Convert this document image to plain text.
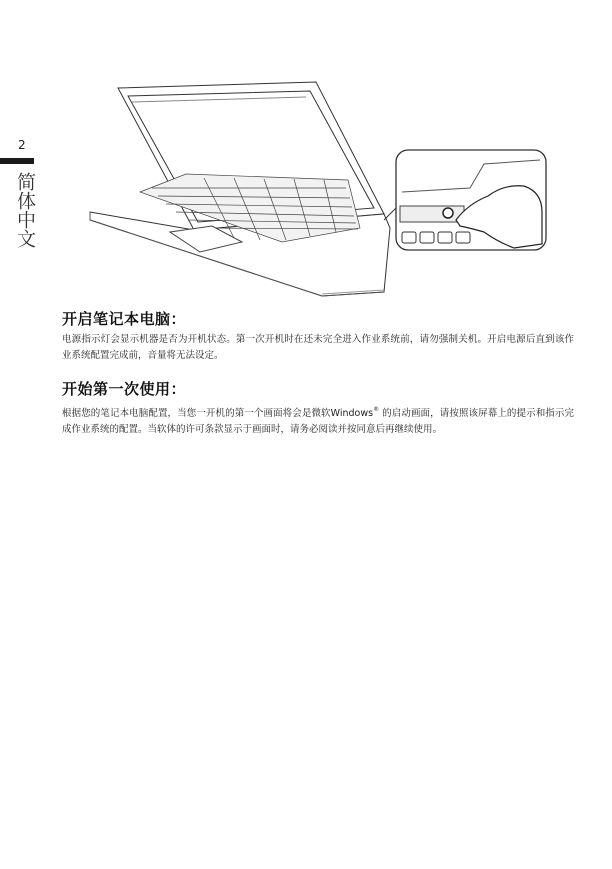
2
简体中文
开启笔记本电脑：

电源指示灯会显示机器是否为开机状态。第一次开机时在还未完全进入作业系统前，请勿强制关机。开启电源后直到该作业系统配置完成前，音量将无法设定。

开始第一次使用：

根据您的笔记本电脑配置，当您一开机的第一个画面将会是微软Windows® 的启动画面，请按照该屏幕上的提示和指示完成作业系统的配置。当软体的许可条款显示于画面时，请务必阅读并按同意后再继续使用。
